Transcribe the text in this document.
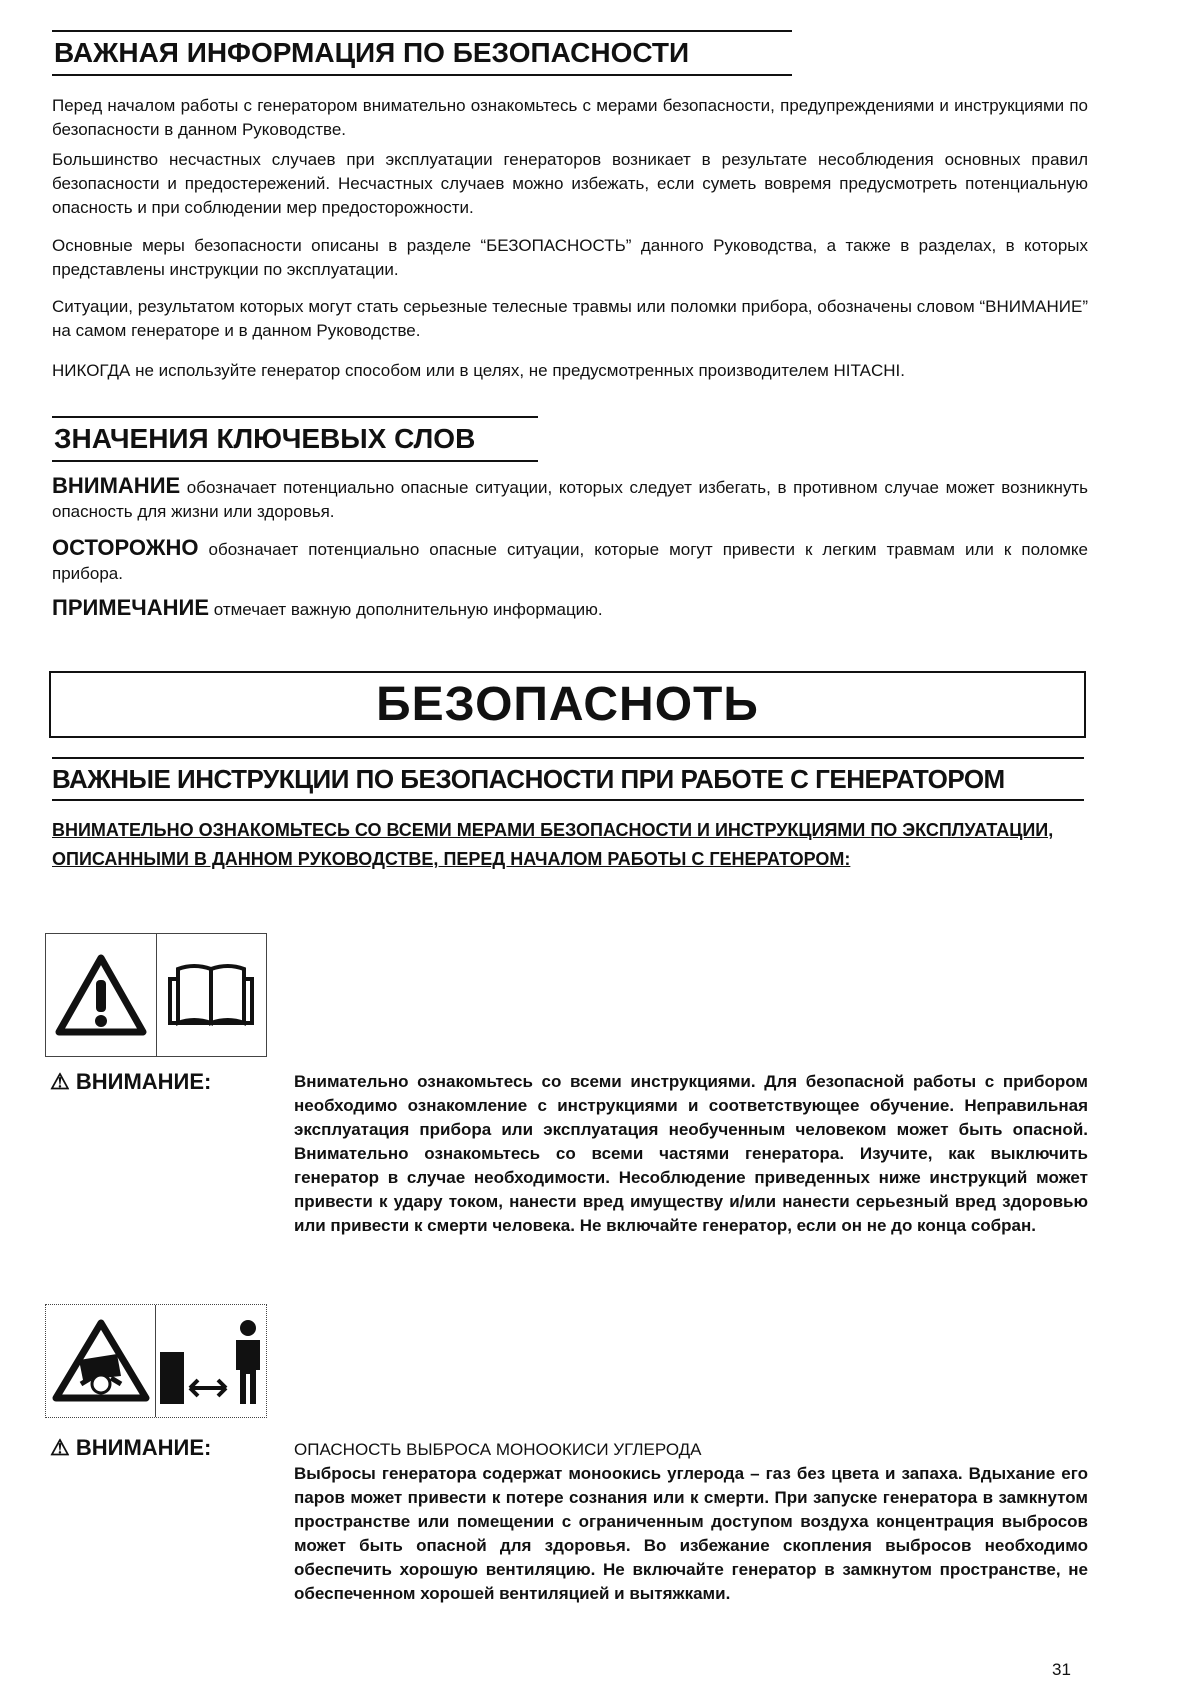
ВАЖНАЯ ИНФОРМАЦИЯ ПО БЕЗОПАСНОСТИ
Перед началом работы с генератором внимательно ознакомьтесь с мерами безопасности, предупреждениями и инструкциями по безопасности в данном Руководстве.
Большинство несчастных случаев при эксплуатации генераторов возникает в результате несоблюдения основных правил безопасности и предостережений. Несчастных случаев можно избежать, если суметь вовремя предусмотреть потенциальную опасность и при соблюдении мер предосторожности.
Основные меры безопасности описаны в разделе “БЕЗОПАСНОСТЬ” данного Руководства, а также в разделах, в которых представлены инструкции по эксплуатации.
Ситуации, результатом которых могут стать серьезные телесные травмы или поломки прибора, обозначены словом “ВНИМАНИЕ” на самом генераторе и в данном Руководстве.
НИКОГДА не используйте генератор способом или в целях, не предусмотренных производителем HITACHI.
ЗНАЧЕНИЯ КЛЮЧЕВЫХ СЛОВ
ВНИМАНИЕ обозначает потенциально опасные ситуации, которых следует избегать, в противном случае может возникнуть опасность для жизни или здоровья.
ОСТОРОЖНО обозначает потенциально опасные ситуации, которые могут привести к легким травмам или к поломке прибора.
ПРИМЕЧАНИЕ отмечает важную дополнительную информацию.
БЕЗОПАСНОТЬ
ВАЖНЫЕ ИНСТРУКЦИИ ПО БЕЗОПАСНОСТИ ПРИ РАБОТЕ С ГЕНЕРАТОРОМ
ВНИМАТЕЛЬНО ОЗНАКОМЬТЕСЬ СО ВСЕМИ МЕРАМИ БЕЗОПАСНОСТИ И ИНСТРУКЦИЯМИ ПО ЭКСПЛУАТАЦИИ, ОПИСАННЫМИ В ДАННОМ РУКОВОДСТВЕ, ПЕРЕД НАЧАЛОМ РАБОТЫ С ГЕНЕРАТОРОМ:
⚠ ВНИМАНИЕ:	Внимательно ознакомьтесь со всеми инструкциями. Для безопасной работы с прибором необходимо ознакомление с инструкциями и соответствующее обучение. Неправильная эксплуатация прибора или эксплуатация необученным человеком может быть опасной. Внимательно ознакомьтесь со всеми частями генератора. Изучите, как выключить генератор в случае необходимости. Несоблюдение приведенных ниже инструкций может привести к удару током, нанести вред имуществу и/или нанести серьезный вред здоровью или привести к смерти человека. Не включайте генератор, если он не до конца собран.
⚠ ВНИМАНИЕ:	ОПАСНОСТЬ ВЫБРОСА МОНООКИСИ УГЛЕРОДА
Выбросы генератора содержат моноокись углерода – газ без цвета и запаха. Вдыхание его паров может привести к потере сознания или к смерти. При запуске генератора в замкнутом пространстве или помещении с ограниченным доступом воздуха концентрация выбросов может быть опасной для здоровья. Во избежание скопления выбросов необходимо обеспечить хорошую вентиляцию. Не включайте генератор в замкнутом пространстве, не обеспеченном хорошей вентиляцией и вытяжками.
31
